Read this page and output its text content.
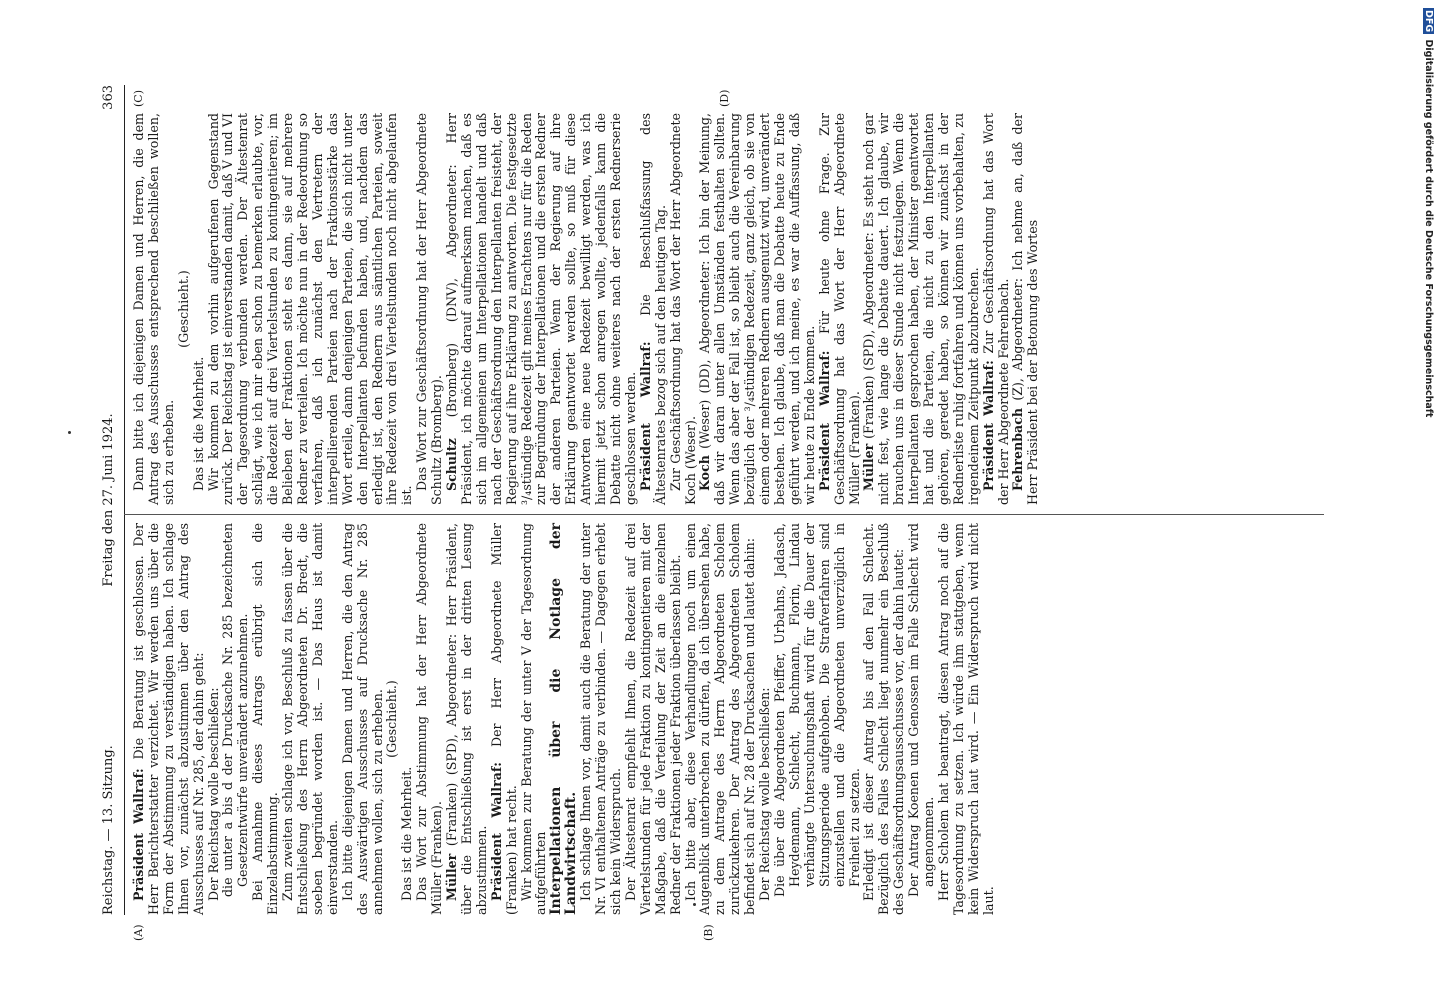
Reichstag. — 13. Sitzung.
Freitag den 27. Juni 1924.
363
(A)	(B)
(C)	(D)

Präsident Wallraf: Die Beratung ist geschlossen. Der Herr Berichterstatter verzichtet. Wir werden uns über die Form der Abstimmung zu verständigen haben. Ich schlage Ihnen vor, zunächst abzustimmen über den Antrag des Ausschusses auf Nr. 285, der dahin geht: Der Reichstag wolle beschließen: die unter a bis d der Drucksache Nr. 285 bezeichneten Gesetzentwürfe unverändert anzunehmen. Bei Annahme dieses Antrags erübrigt sich die Einzelabstimmung. Zum zweiten schlage ich vor, Beschluß zu fassen über die Entschließung des Herrn Abgeordneten Dr. Bredt, die soeben begründet worden ist. — Das Haus ist damit einverstanden. Ich bitte diejenigen Damen und Herren, die den Antrag des Auswärtigen Ausschusses auf Drucksache Nr. 285 annehmen wollen, sich zu erheben. (Geschieht.)

Das ist die Mehrheit. Das Wort zur Abstimmung hat der Herr Abgeordnete Müller (Franken). Müller (Franken) (SPD), Abgeordneter: Herr Präsident, über die Entschließung ist erst in der dritten Lesung abzustimmen. Präsident Wallraf: Der Herr Abgeordnete Müller (Franken) hat recht. Wir kommen zur Beratung der unter V der Tagesordnung aufgeführten Interpellationen über die Notlage der Landwirtschaft.

Ich schlage Ihnen vor, damit auch die Beratung der unter Nr. VI enthaltenen Anträge zu verbinden. — Dagegen erhebt sich kein Widerspruch. Der Ältestenrat empfiehlt Ihnen, die Redezeit auf drei Viertelstunden für jede Fraktion zu kontingentieren mit der Maßgabe, daß die Verteilung der Zeit an die einzelnen Redner der Fraktionen jeder Fraktion überlassen bleibt. Ich bitte aber, diese Verhandlungen noch um einen Augenblick unterbrechen zu dürfen, da ich übersehen habe, zu dem Antrage des Herrn Abgeordneten Scholem zurückzukehren. Der Antrag des Abgeordneten Scholem befindet sich auf Nr. 28 der Drucksachen und lautet dahin: Der Reichstag wolle beschließen: Die über die Abgeordneten Pfeiffer, Urbahns, Jadasch, Heydemann, Schlecht, Buchmann, Florin, Lindau verhängte Untersuchungshaft wird für die Dauer der Sitzungsperiode aufgehoben. Die Strafverfahren sind einzustellen und die Abgeordneten unverzüglich in Freiheit zu setzen. Erledigt ist dieser Antrag bis auf den Fall Schlecht. Bezüglich des Falles Schlecht liegt nunmehr ein Beschluß des Geschäftsordnungsausschusses vor, der dahin lautet: Der Antrag Koenen und Genossen im Falle Schlecht wird angenommen. Herr Scholem hat beantragt, diesen Antrag noch auf die Tagesordnung zu setzen. Ich würde ihm stattgeben, wenn kein Widerspruch laut wird. — Ein Widerspruch wird nicht laut.

Dann bitte ich diejenigen Damen und Herren, die dem Antrag des Ausschusses entsprechend beschließen wollen, sich zu erheben.

(Geschieht.)

Das ist die Mehrheit. Wir kommen zu dem vorhin aufgerufenen Gegenstand zurück. Der Reichstag ist einverstanden damit, daß V und VI der Tagesordnung verbunden werden. Der Ältestenrat schlägt, wie ich mir eben schon zu bemerken erlaubte, vor, die Redezeit auf drei Viertelstunden zu kontingentieren; im Belieben der Fraktionen steht es dann, sie auf mehrere Redner zu verteilen. Ich möchte nun in der Redeordnung so verfahren, daß ich zunächst den Vertretern der interpellierenden Parteien nach der Fraktionsstärke das Wort erteile, dann denjenigen Parteien, die sich nicht unter den Interpellanten befunden haben, und, nachdem das erledigt ist, den Rednern aus sämtlichen Parteien, soweit ihre Redezeit von drei Viertelstunden noch nicht abgelaufen ist.

Das Wort zur Geschäftsordnung hat der Herr Abgeordnete Schultz (Bromberg). Schultz (Bromberg) (DNV), Abgeordneter: Herr Präsident, ich möchte darauf aufmerksam machen, daß es sich im allgemeinen um Interpellationen handelt und daß nach der Geschäftsordnung den Interpellanten freisteht, der Regierung auf ihre Erklärung zu antworten. Die festgesetzte ³/₄stündige Redezeit gilt meines Erachtens nur für die Reden zur Begründung der Interpellationen und die ersten Redner der anderen Parteien. Wenn der Regierung auf ihre Erklärung geantwortet werden sollte, so muß für diese Antworten eine neue Redezeit bewilligt werden, was ich hiermit jetzt schon anregen wollte, jedenfalls kann die Debatte nicht ohne weiteres nach der ersten Rednerserie geschlossen werden. Präsident Wallraf: Die Beschlußfassung des Ältestenrates bezog sich auf den heutigen Tag. Zur Geschäftsordnung hat das Wort der Herr Abgeordnete Koch (Weser). Koch (Weser) (DD), Abgeordneter: Ich bin der Meinung, daß wir daran unter allen Umständen festhalten sollten. Wenn das aber der Fall ist, so bleibt auch die Vereinbarung bezüglich der ³/₄stündigen Redezeit, ganz gleich, ob sie von einem oder mehreren Rednern ausgenutzt wird, unverändert bestehen. Ich glaube, daß man die Debatte heute zu Ende geführt werden, und ich meine, es war die Auffassung, daß wir heute zu Ende kommen. Präsident Wallraf: Für heute ohne Frage. Zur Geschäftsordnung hat das Wort der Herr Abgeordnete Müller (Franken). Müller (Franken) (SPD), Abgeordneter: Es steht noch gar nicht fest, wie lange die Debatte dauert. Ich glaube, wir brauchen uns in dieser Stunde nicht festzulegen. Wenn die Interpellanten gesprochen haben, der Minister geantwortet hat und die Parteien, die nicht zu den Interpellanten gehören, geredet haben, so können wir zunächst in der Rednerliste ruhig fortfahren und können uns vorbehalten, zu irgendeinem Zeitpunkt abzubrechen. Präsident Wallraf: Zur Geschäftsordnung hat das Wort der Herr Abgeordnete Fehrenbach. Fehrenbach (Z), Abgeordneter: Ich nehme an, daß der Herr Präsident bei der Betonung des Wortes

DFG Digitalisierung gefördert durch die Deutsche Forschungsgemeinschaft
